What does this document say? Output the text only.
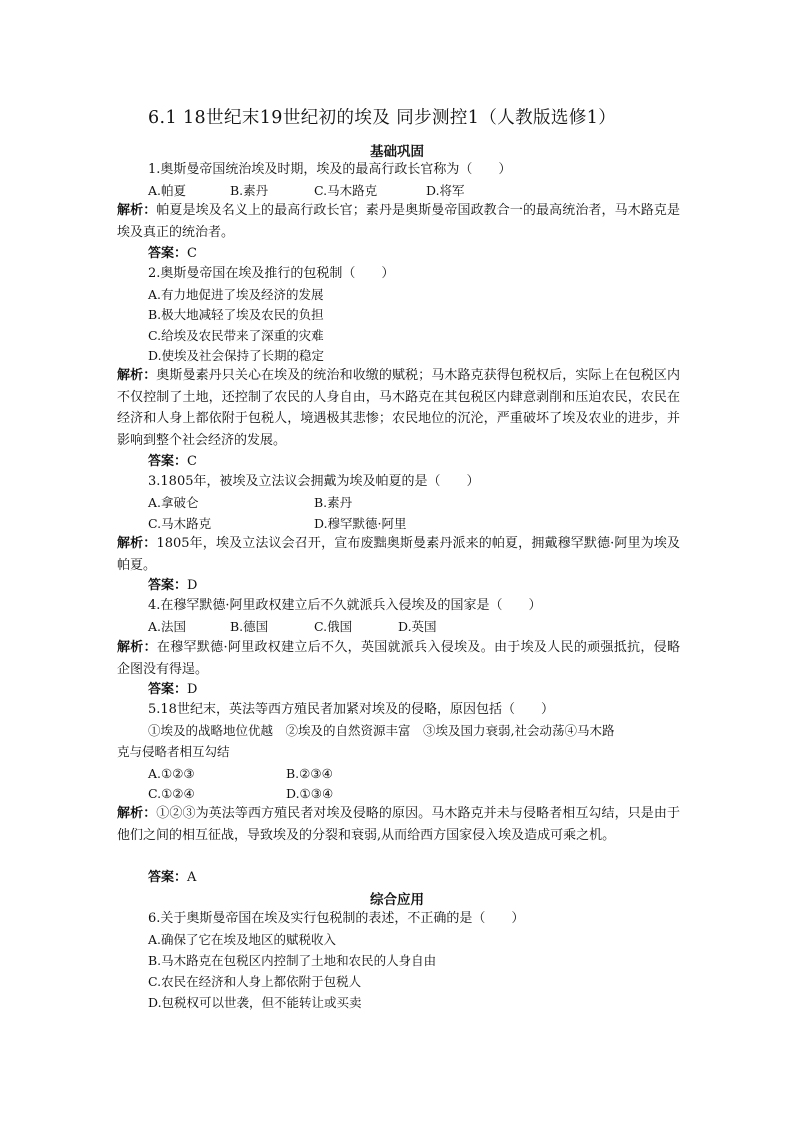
6.1 18世纪末19世纪初的埃及 同步测控1（人教版选修1）
基础巩固
1.奥斯曼帝国统治埃及时期，埃及的最高行政长官称为（　　）
A.帕夏	B.素丹	C.马木路克	D.将军
解析：帕夏是埃及名义上的最高行政长官；素丹是奥斯曼帝国政教合一的最高统治者，马木路克是埃及真正的统治者。
答案：C
2.奥斯曼帝国在埃及推行的包税制（　　）
A.有力地促进了埃及经济的发展
B.极大地减轻了埃及农民的负担
C.给埃及农民带来了深重的灾难
D.使埃及社会保持了长期的稳定
解析：奥斯曼素丹只关心在埃及的统治和收缴的赋税；马木路克获得包税权后，实际上在包税区内不仅控制了土地，还控制了农民的人身自由，马木路克在其包税区内肆意剥削和压迫农民，农民在经济和人身上都依附于包税人，境遇极其悲惨；农民地位的沉沦，严重破坏了埃及农业的进步，并影响到整个社会经济的发展。
答案：C
3.1805年，被埃及立法议会拥戴为埃及帕夏的是（　　）
A.拿破仑	B.素丹
C.马木路克	D.穆罕默德·阿里
解析：1805年，埃及立法议会召开，宣布废黜奥斯曼素丹派来的帕夏，拥戴穆罕默德·阿里为埃及帕夏。
答案：D
4.在穆罕默德·阿里政权建立后不久就派兵入侵埃及的国家是（　　）
A.法国	B.德国	C.俄国	D.英国
解析：在穆罕默德·阿里政权建立后不久，英国就派兵入侵埃及。由于埃及人民的顽强抵抗，侵略企图没有得逞。
答案：D
5.18世纪末，英法等西方殖民者加紧对埃及的侵略，原因包括（　　）
①埃及的战略地位优越　②埃及的自然资源丰富　③埃及国力衰弱,社会动荡④马木路
克与侵略者相互勾结
A.①②③	B.②③④
C.①②④	D.①③④
解析：①②③为英法等西方殖民者对埃及侵略的原因。马木路克并未与侵略者相互勾结，只是由于他们之间的相互征战，导致埃及的分裂和衰弱,从而给西方国家侵入埃及造成可乘之机。
答案：A
综合应用
6.关于奥斯曼帝国在埃及实行包税制的表述，不正确的是（　　）
A.确保了它在埃及地区的赋税收入
B.马木路克在包税区内控制了土地和农民的人身自由
C.农民在经济和人身上都依附于包税人
D.包税权可以世袭，但不能转让或买卖
